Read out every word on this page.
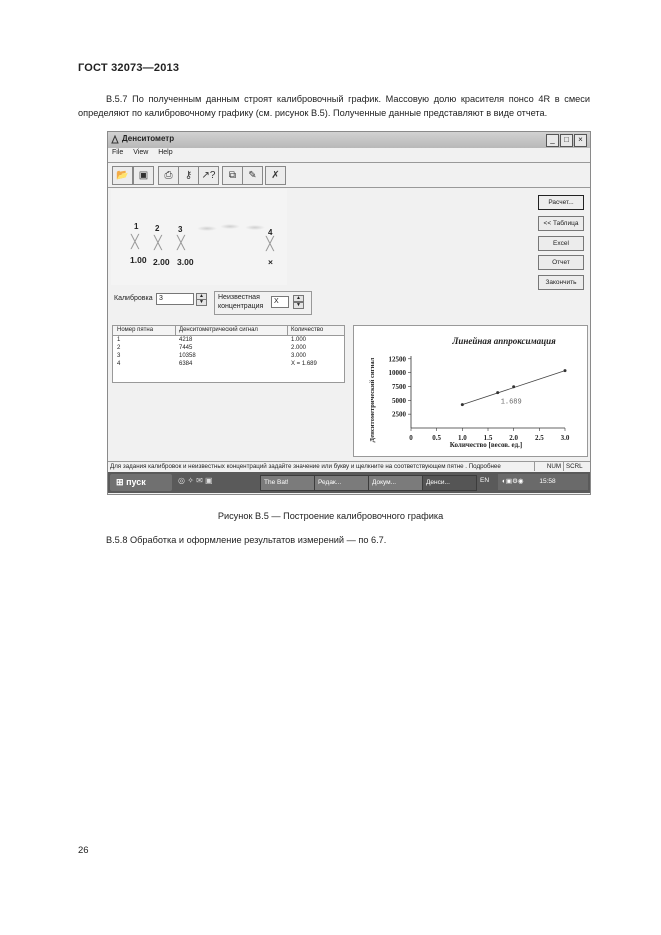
ГОСТ 32073—2013
В.5.7 По полученным данным строят калибровочный график. Массовую долю красителя понсо 4R в смеси определяют по калибровочному графику (см. рисунок В.5). Полученные данные представляют в виде отчета.
Денситометр	_	□	×
File View Help
📂	▣	⎙	⚷ ↗?	⧉	✎	✗
1 2 3	4
╳ ╳ ╳	╳
1.00 2.00 3.00	×
Калибровка 3	▲
▼
Неизвестная
концентрация
X	▲
▼
Расчет...
<< Таблица
Excel
Отчет
Закончить
Номер пятна	Денситометрический сигнал	Количество
1	4218	1.000
2	7445	2.000
3	10358	3.000
4	6384	X = 1.689
Линейная аппроксимация
Денситометрический сигнал
Количество [весов. ед.]
0	0.5 1.0 1.5 2.0 2.5 3.0
2500
5000
7500
10000
12500
1.689
Для задания калибровок и неизвестных концентраций задайте значение или букву и щелкните на соответствующем пятне . Подробнее	NUM SCRL
⊞ пуск	◎ ✧ ✉ ▣	The Bat!	Редак...	Докум...	Денси...	EN	◐▣⚙◉ 15:58
Рисунок В.5 — Построение калибровочного графика
В.5.8 Обработка и оформление результатов измерений — по 6.7.
26
